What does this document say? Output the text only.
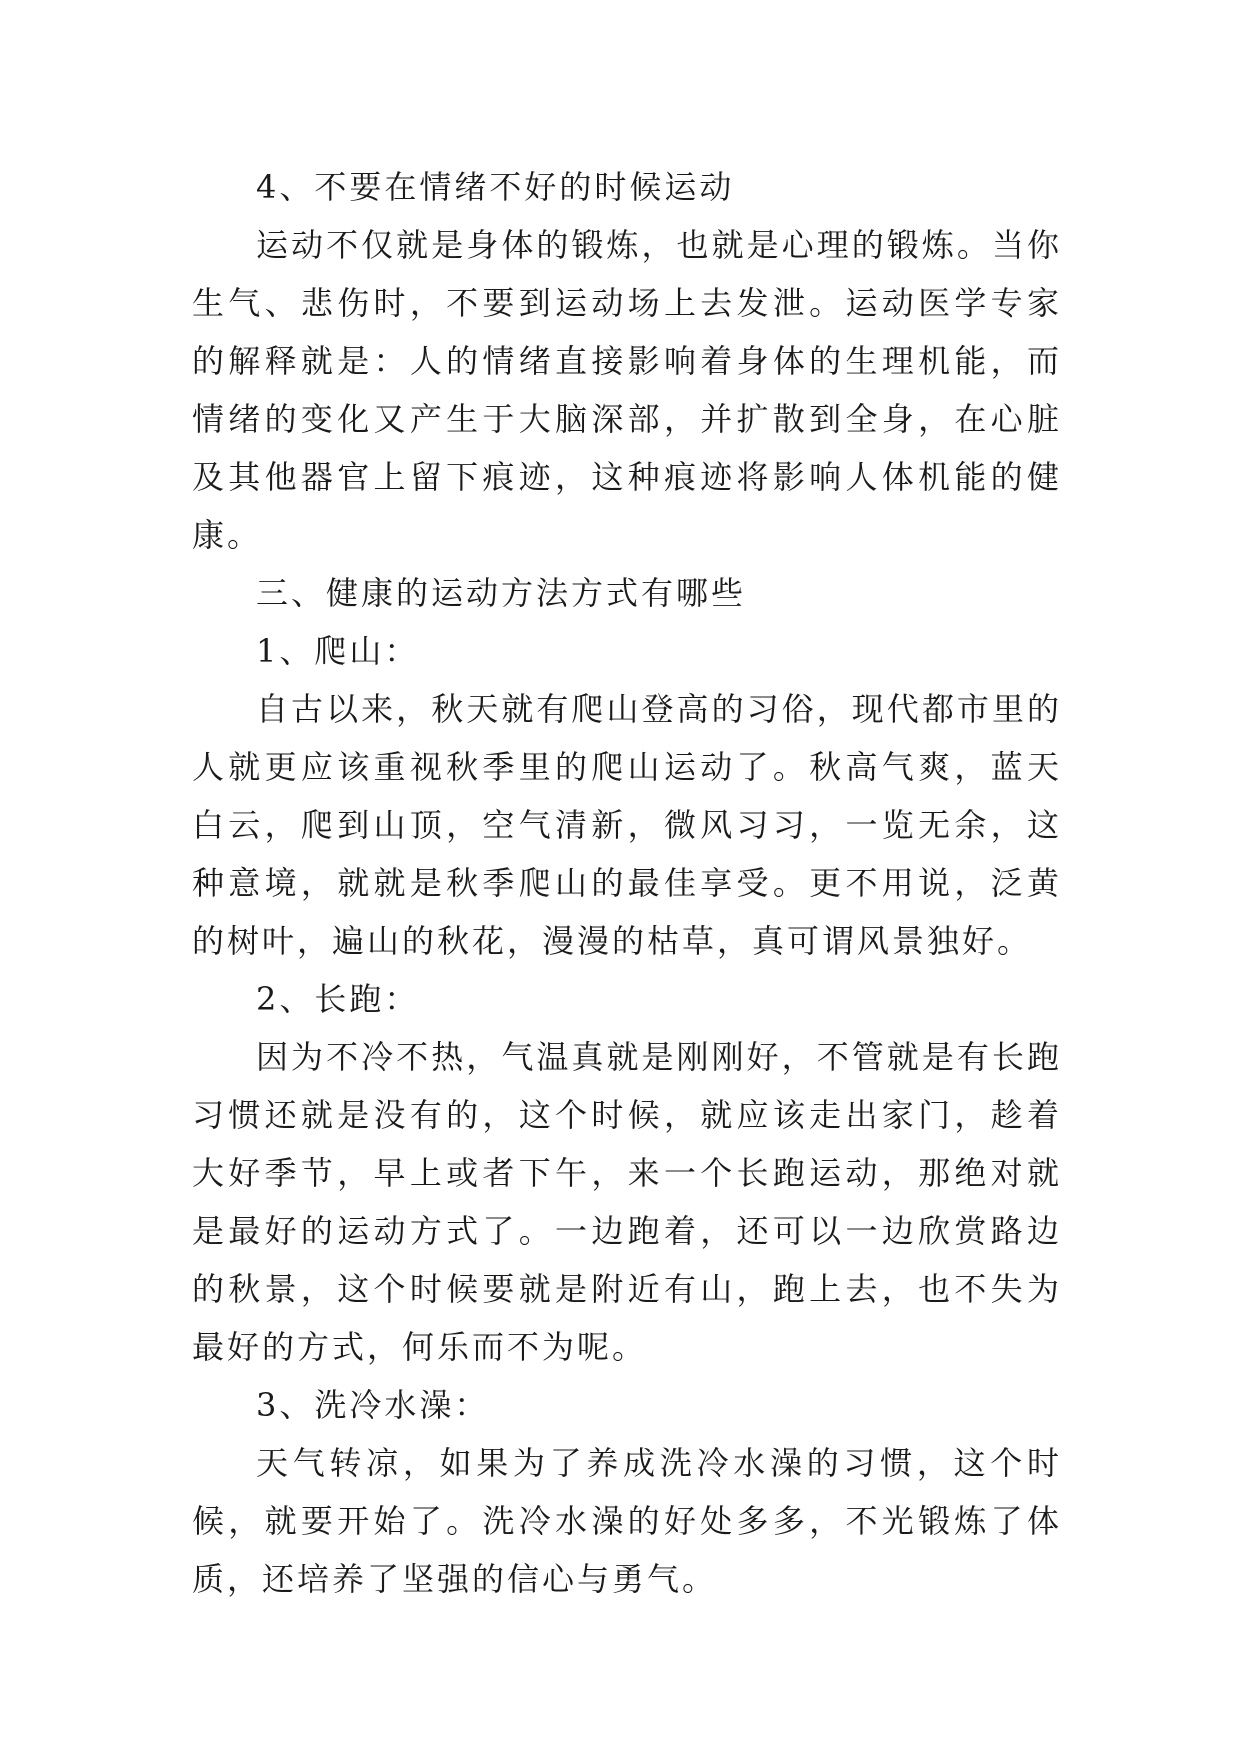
4、不要在情绪不好的时候运动

运动不仅就是身体的锻炼，也就是心理的锻炼。当你生气、悲伤时，不要到运动场上去发泄。运动医学专家的解释就是：人的情绪直接影响着身体的生理机能，而情绪的变化又产生于大脑深部，并扩散到全身，在心脏及其他器官上留下痕迹，这种痕迹将影响人体机能的健康。

三、健康的运动方法方式有哪些

1、爬山：

自古以来，秋天就有爬山登高的习俗，现代都市里的人就更应该重视秋季里的爬山运动了。秋高气爽，蓝天白云，爬到山顶，空气清新，微风习习，一览无余，这种意境，就就是秋季爬山的最佳享受。更不用说，泛黄的树叶，遍山的秋花，漫漫的枯草，真可谓风景独好。

2、长跑：

因为不冷不热，气温真就是刚刚好，不管就是有长跑习惯还就是没有的，这个时候，就应该走出家门，趁着大好季节，早上或者下午，来一个长跑运动，那绝对就是最好的运动方式了。一边跑着，还可以一边欣赏路边的秋景，这个时候要就是附近有山，跑上去，也不失为最好的方式，何乐而不为呢。

3、洗冷水澡：

天气转凉，如果为了养成洗冷水澡的习惯，这个时候，就要开始了。洗冷水澡的好处多多，不光锻炼了体质，还培养了坚强的信心与勇气。
